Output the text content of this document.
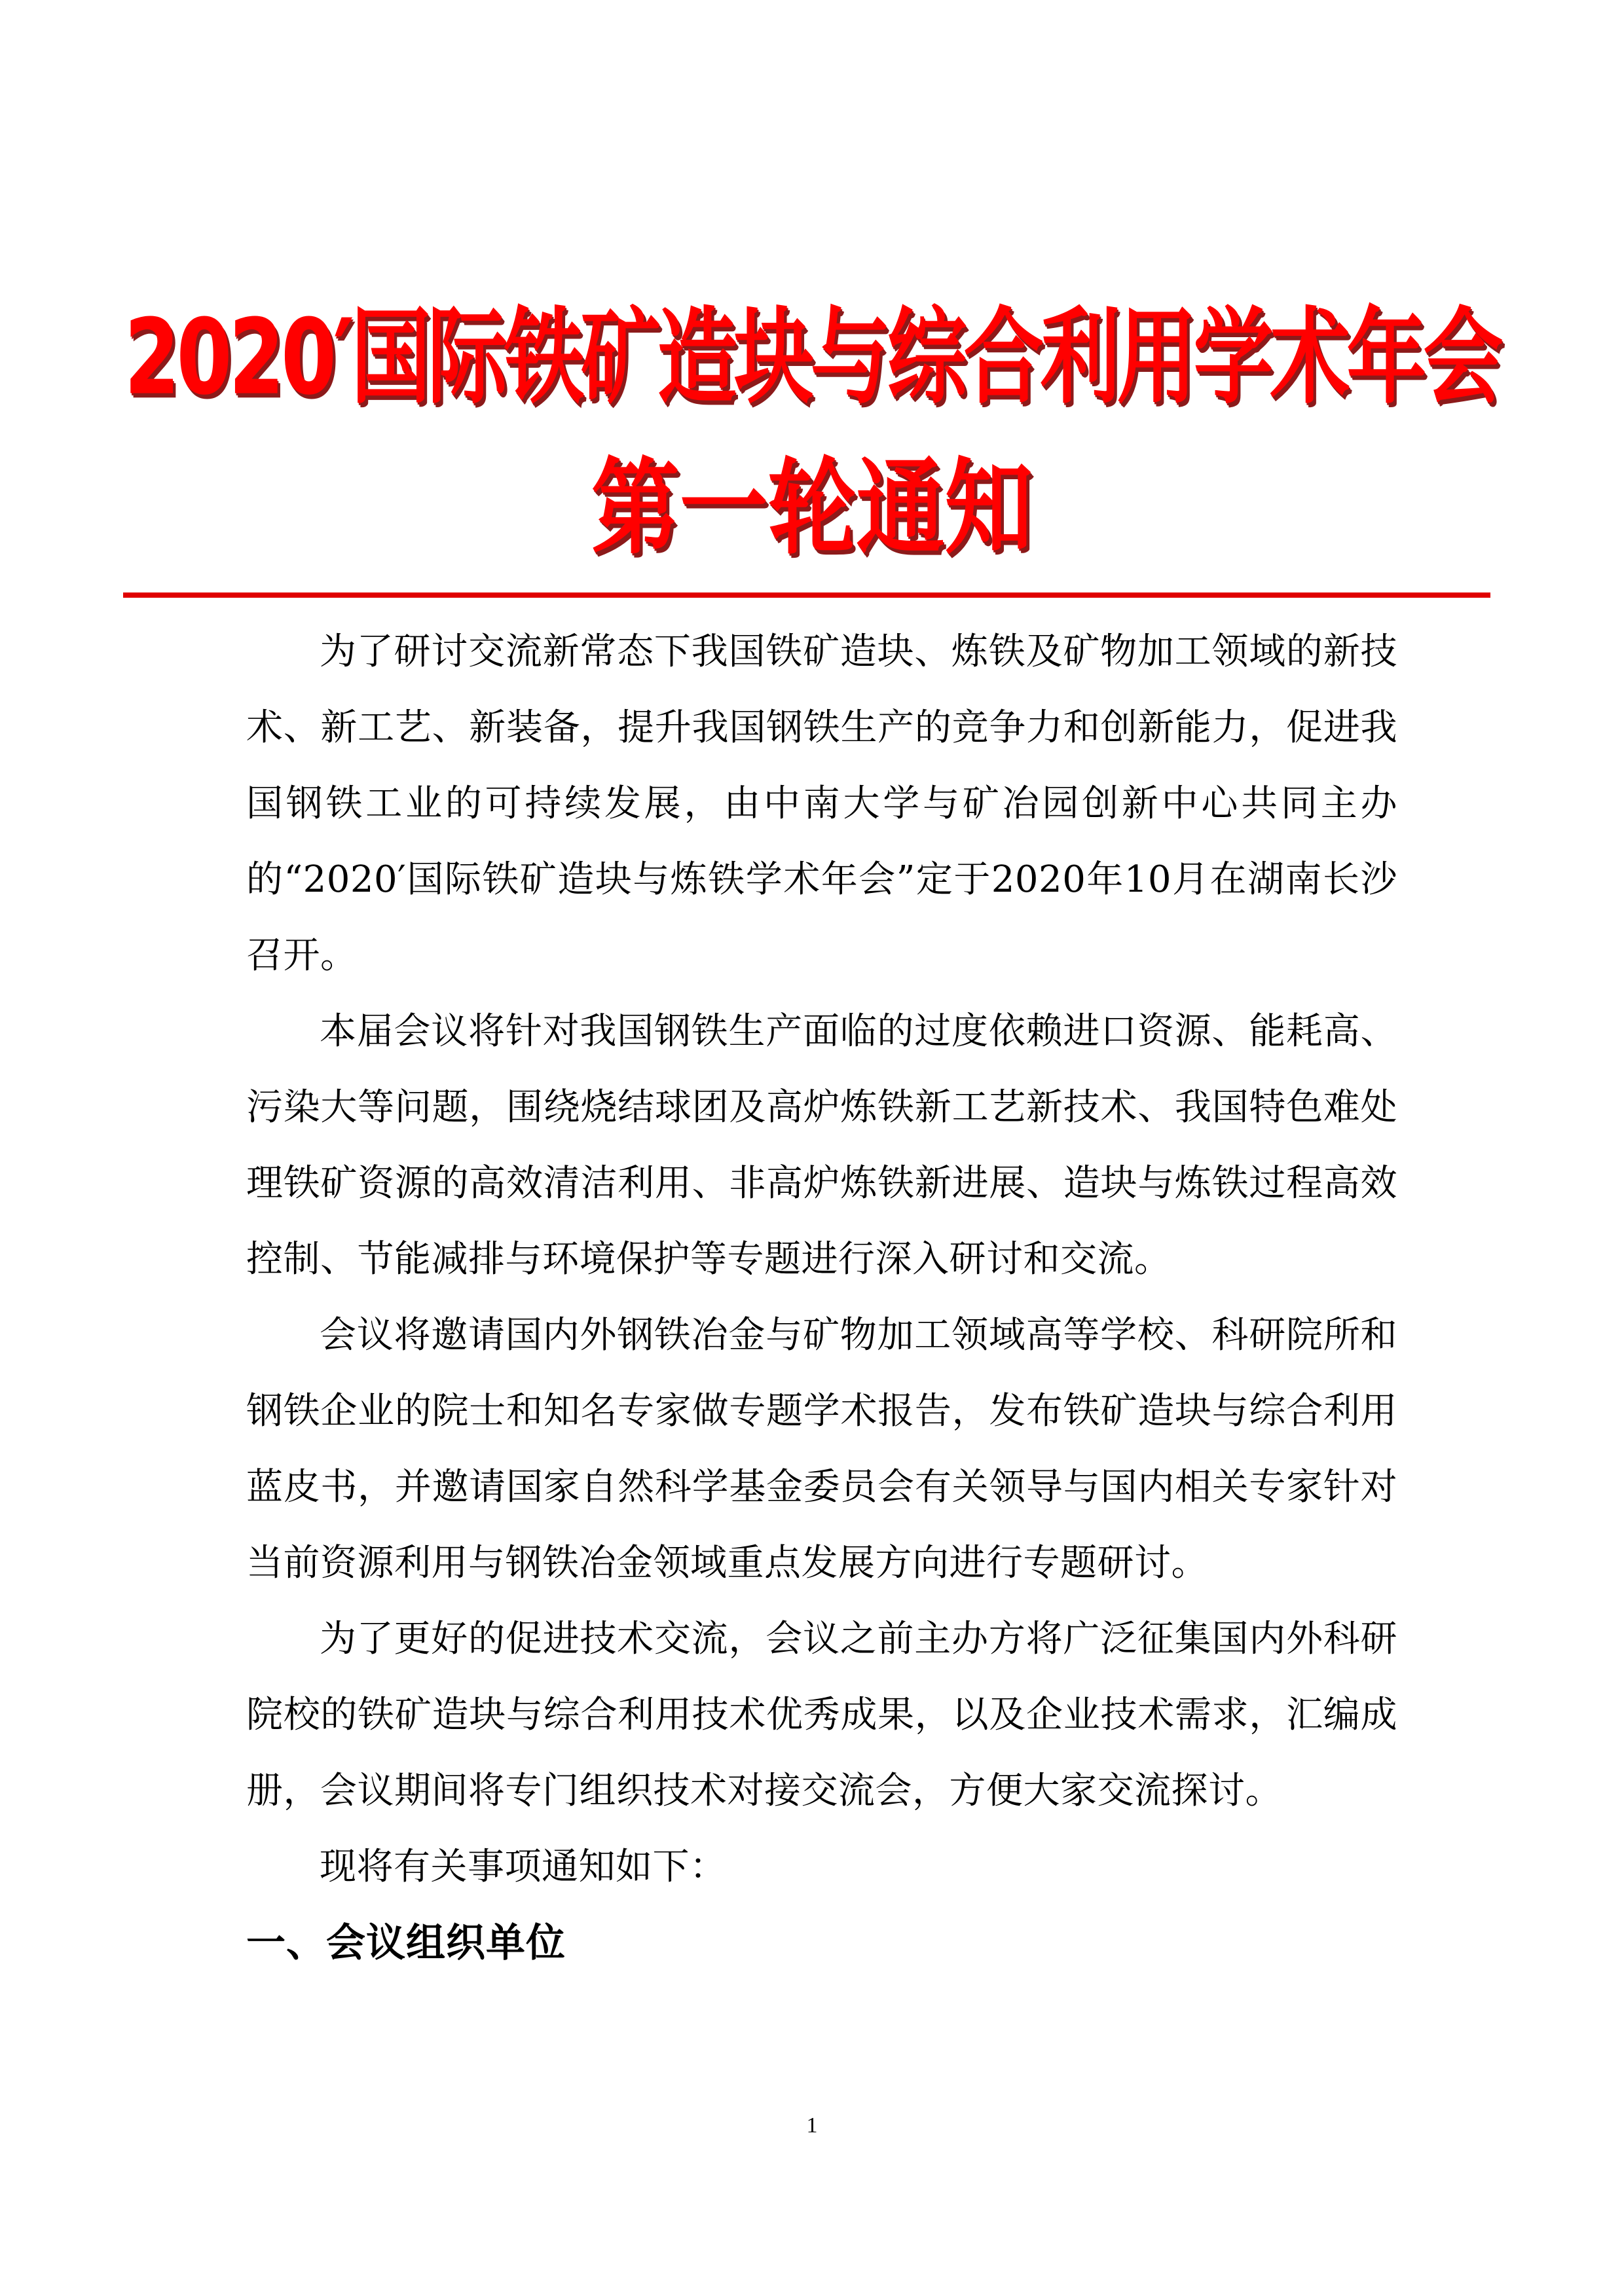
2020′国际铁矿造块与综合利用学术年会
第一轮通知

为了研讨交流新常态下我国铁矿造块、炼铁及矿物加工领域的新技术、新工艺、新装备，提升我国钢铁生产的竞争力和创新能力，促进我国钢铁工业的可持续发展，由中南大学与矿冶园创新中心共同主办的“2020′国际铁矿造块与炼铁学术年会”定于2020年10月在湖南长沙召开。

本届会议将针对我国钢铁生产面临的过度依赖进口资源、能耗高、污染大等问题，围绕烧结球团及高炉炼铁新工艺新技术、我国特色难处理铁矿资源的高效清洁利用、非高炉炼铁新进展、造块与炼铁过程高效控制、节能减排与环境保护等专题进行深入研讨和交流。

会议将邀请国内外钢铁冶金与矿物加工领域高等学校、科研院所和钢铁企业的院士和知名专家做专题学术报告，发布铁矿造块与综合利用蓝皮书，并邀请国家自然科学基金委员会有关领导与国内相关专家针对当前资源利用与钢铁冶金领域重点发展方向进行专题研讨。

为了更好的促进技术交流，会议之前主办方将广泛征集国内外科研院校的铁矿造块与综合利用技术优秀成果，以及企业技术需求，汇编成册，会议期间将专门组织技术对接交流会，方便大家交流探讨。

现将有关事项通知如下：

一、会议组织单位

1
